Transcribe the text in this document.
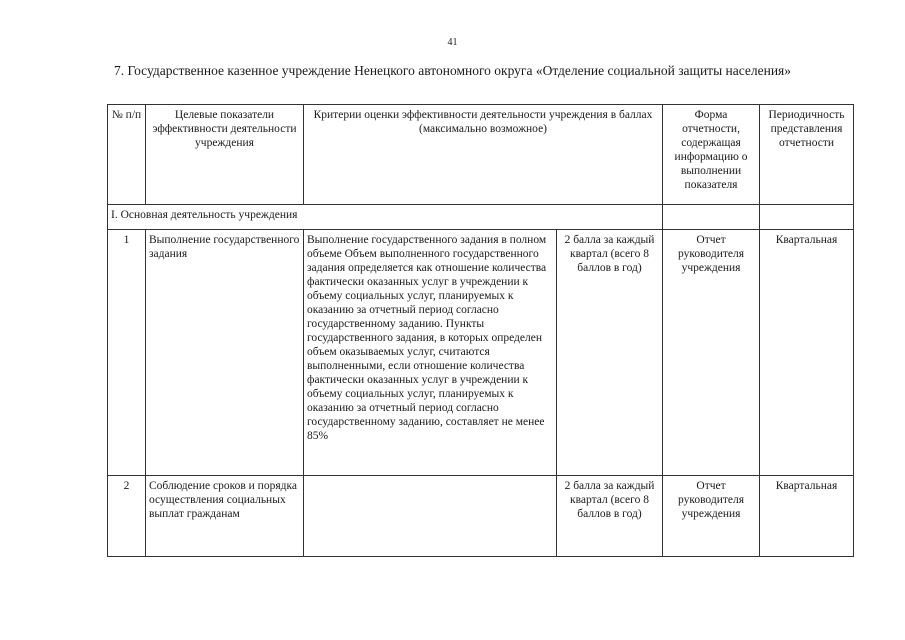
41
7. Государственное казенное учреждение Ненецкого автономного округа «Отделение социальной защиты населения»
№ п/п	Целевые показатели эффективности деятельности учреждения	Критерии оценки эффективности деятельности учреждения в баллах (максимально возможное)		Форма отчетности, содержащая информацию о выполнении показателя	Периодичность представления отчетности
I. Основная деятельность учреждения					
1	Выполнение государственного задания	Выполнение государственного задания в полном объеме Объем выполненного государственного задания определяется как отношение количества фактически оказанных услуг в учреждении к объему социальных услуг, планируемых к оказанию за отчетный период согласно государственному заданию. Пункты государственного задания, в которых определен объем оказываемых услуг, считаются выполненными, если отношение количества фактически оказанных услуг в учреждении к объему социальных услуг, планируемых к оказанию за отчетный период согласно государственному заданию, составляет не менее 85%	2 балла за каждый квартал (всего 8 баллов в год)	Отчет руководителя учреждения	Квартальная
2	Соблюдение сроков и порядка осуществления социальных выплат гражданам		2 балла за каждый квартал (всего 8 баллов в год)	Отчет руководителя учреждения	Квартальная
